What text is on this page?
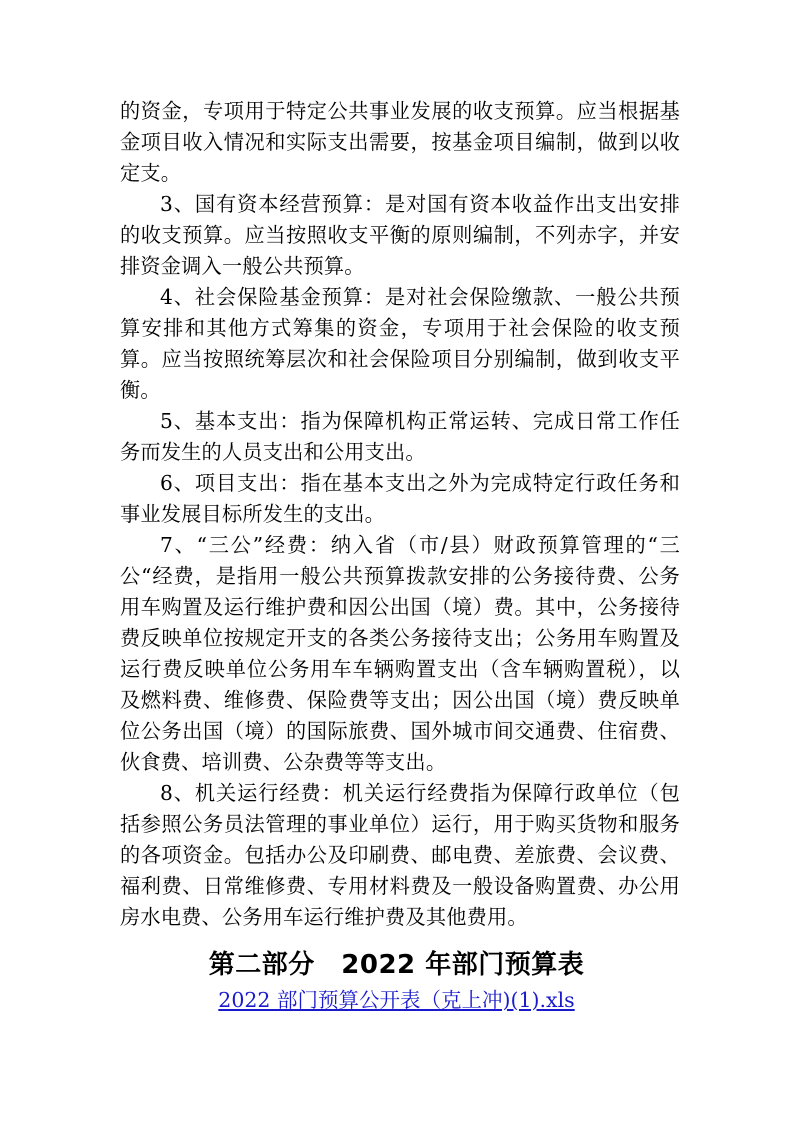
的资金，专项用于特定公共事业发展的收支预算。应当根据基金项目收入情况和实际支出需要，按基金项目编制，做到以收定支。

3、国有资本经营预算：是对国有资本收益作出支出安排的收支预算。应当按照收支平衡的原则编制，不列赤字，并安排资金调入一般公共预算。

4、社会保险基金预算：是对社会保险缴款、一般公共预算安排和其他方式筹集的资金，专项用于社会保险的收支预算。应当按照统筹层次和社会保险项目分别编制，做到收支平衡。

5、基本支出：指为保障机构正常运转、完成日常工作任务而发生的人员支出和公用支出。

6、项目支出：指在基本支出之外为完成特定行政任务和事业发展目标所发生的支出。

7、“三公”经费：纳入省（市/县）财政预算管理的“三公“经费，是指用一般公共预算拨款安排的公务接待费、公务用车购置及运行维护费和因公出国（境）费。其中，公务接待费反映单位按规定开支的各类公务接待支出；公务用车购置及运行费反映单位公务用车车辆购置支出（含车辆购置税），以及燃料费、维修费、保险费等支出；因公出国（境）费反映单位公务出国（境）的国际旅费、国外城市间交通费、住宿费、伙食费、培训费、公杂费等等支出。

8、机关运行经费：机关运行经费指为保障行政单位（包括参照公务员法管理的事业单位）运行，用于购买货物和服务的各项资金。包括办公及印刷费、邮电费、差旅费、会议费、福利费、日常维修费、专用材料费及一般设备购置费、办公用房水电费、公务用车运行维护费及其他费用。

第二部分　2022 年部门预算表
2022 部门预算公开表（克上冲)(1).xls
